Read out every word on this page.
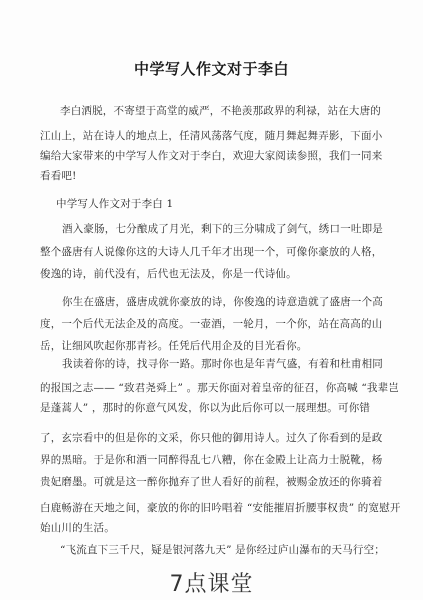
中学写人作文对于李白
李白洒脱，不寄望于高堂的威严，不艳羡那政界的利禄，站在大唐的
江山上，站在诗人的地点上，任清风荡落气度，随月舞起舞弄影，下面小
编给大家带来的中学写人作文对于李白，欢迎大家阅读参照，我们一同来
看看吧!
中学写人作文对于李白 1
酒入豪肠，七分酿成了月光，剩下的三分啸成了剑气，绣口一吐即是
整个盛唐有人说像你这的大诗人几千年才出现一个，可像你豪放的人格，
俊逸的诗，前代没有，后代也无法及，你是一代诗仙。
你生在盛唐，盛唐成就你豪放的诗，你俊逸的诗意造就了盛唐一个高
度，一个后代无法企及的高度。一壶酒，一轮月，一个你，站在高高的山
岳，让细风吹起你那青衫。任凭后代用企及的目光看你。
我读着你的诗，找寻你一路。那时你也是年青气盛，有着和杜甫相同
的报国之志—— “致君尧舜上” 。那天你面对着皇帝的征召，你高喊 “我辈岂
是蓬蒿人” ，那时的你意气风发，你以为此后你可以一展理想。可你错
了，玄宗看中的但是你的文采，你只他的御用诗人。过久了你看到的是政
界的黑暗。于是你和酒一同醉得乱七八糟，你在金殿上让高力士脱靴，杨
贵妃磨墨。可就是这一醉你抛弃了世人看好的前程，被赐金放还的你骑着
白鹿畅游在天地之间，豪放的你的旧吟唱着 “安能摧眉折腰事权贵” 的宽慰开
始山川的生活。
“飞流直下三千尺，疑是银河落九天” 是你经过庐山瀑布的天马行空；
7点课堂
